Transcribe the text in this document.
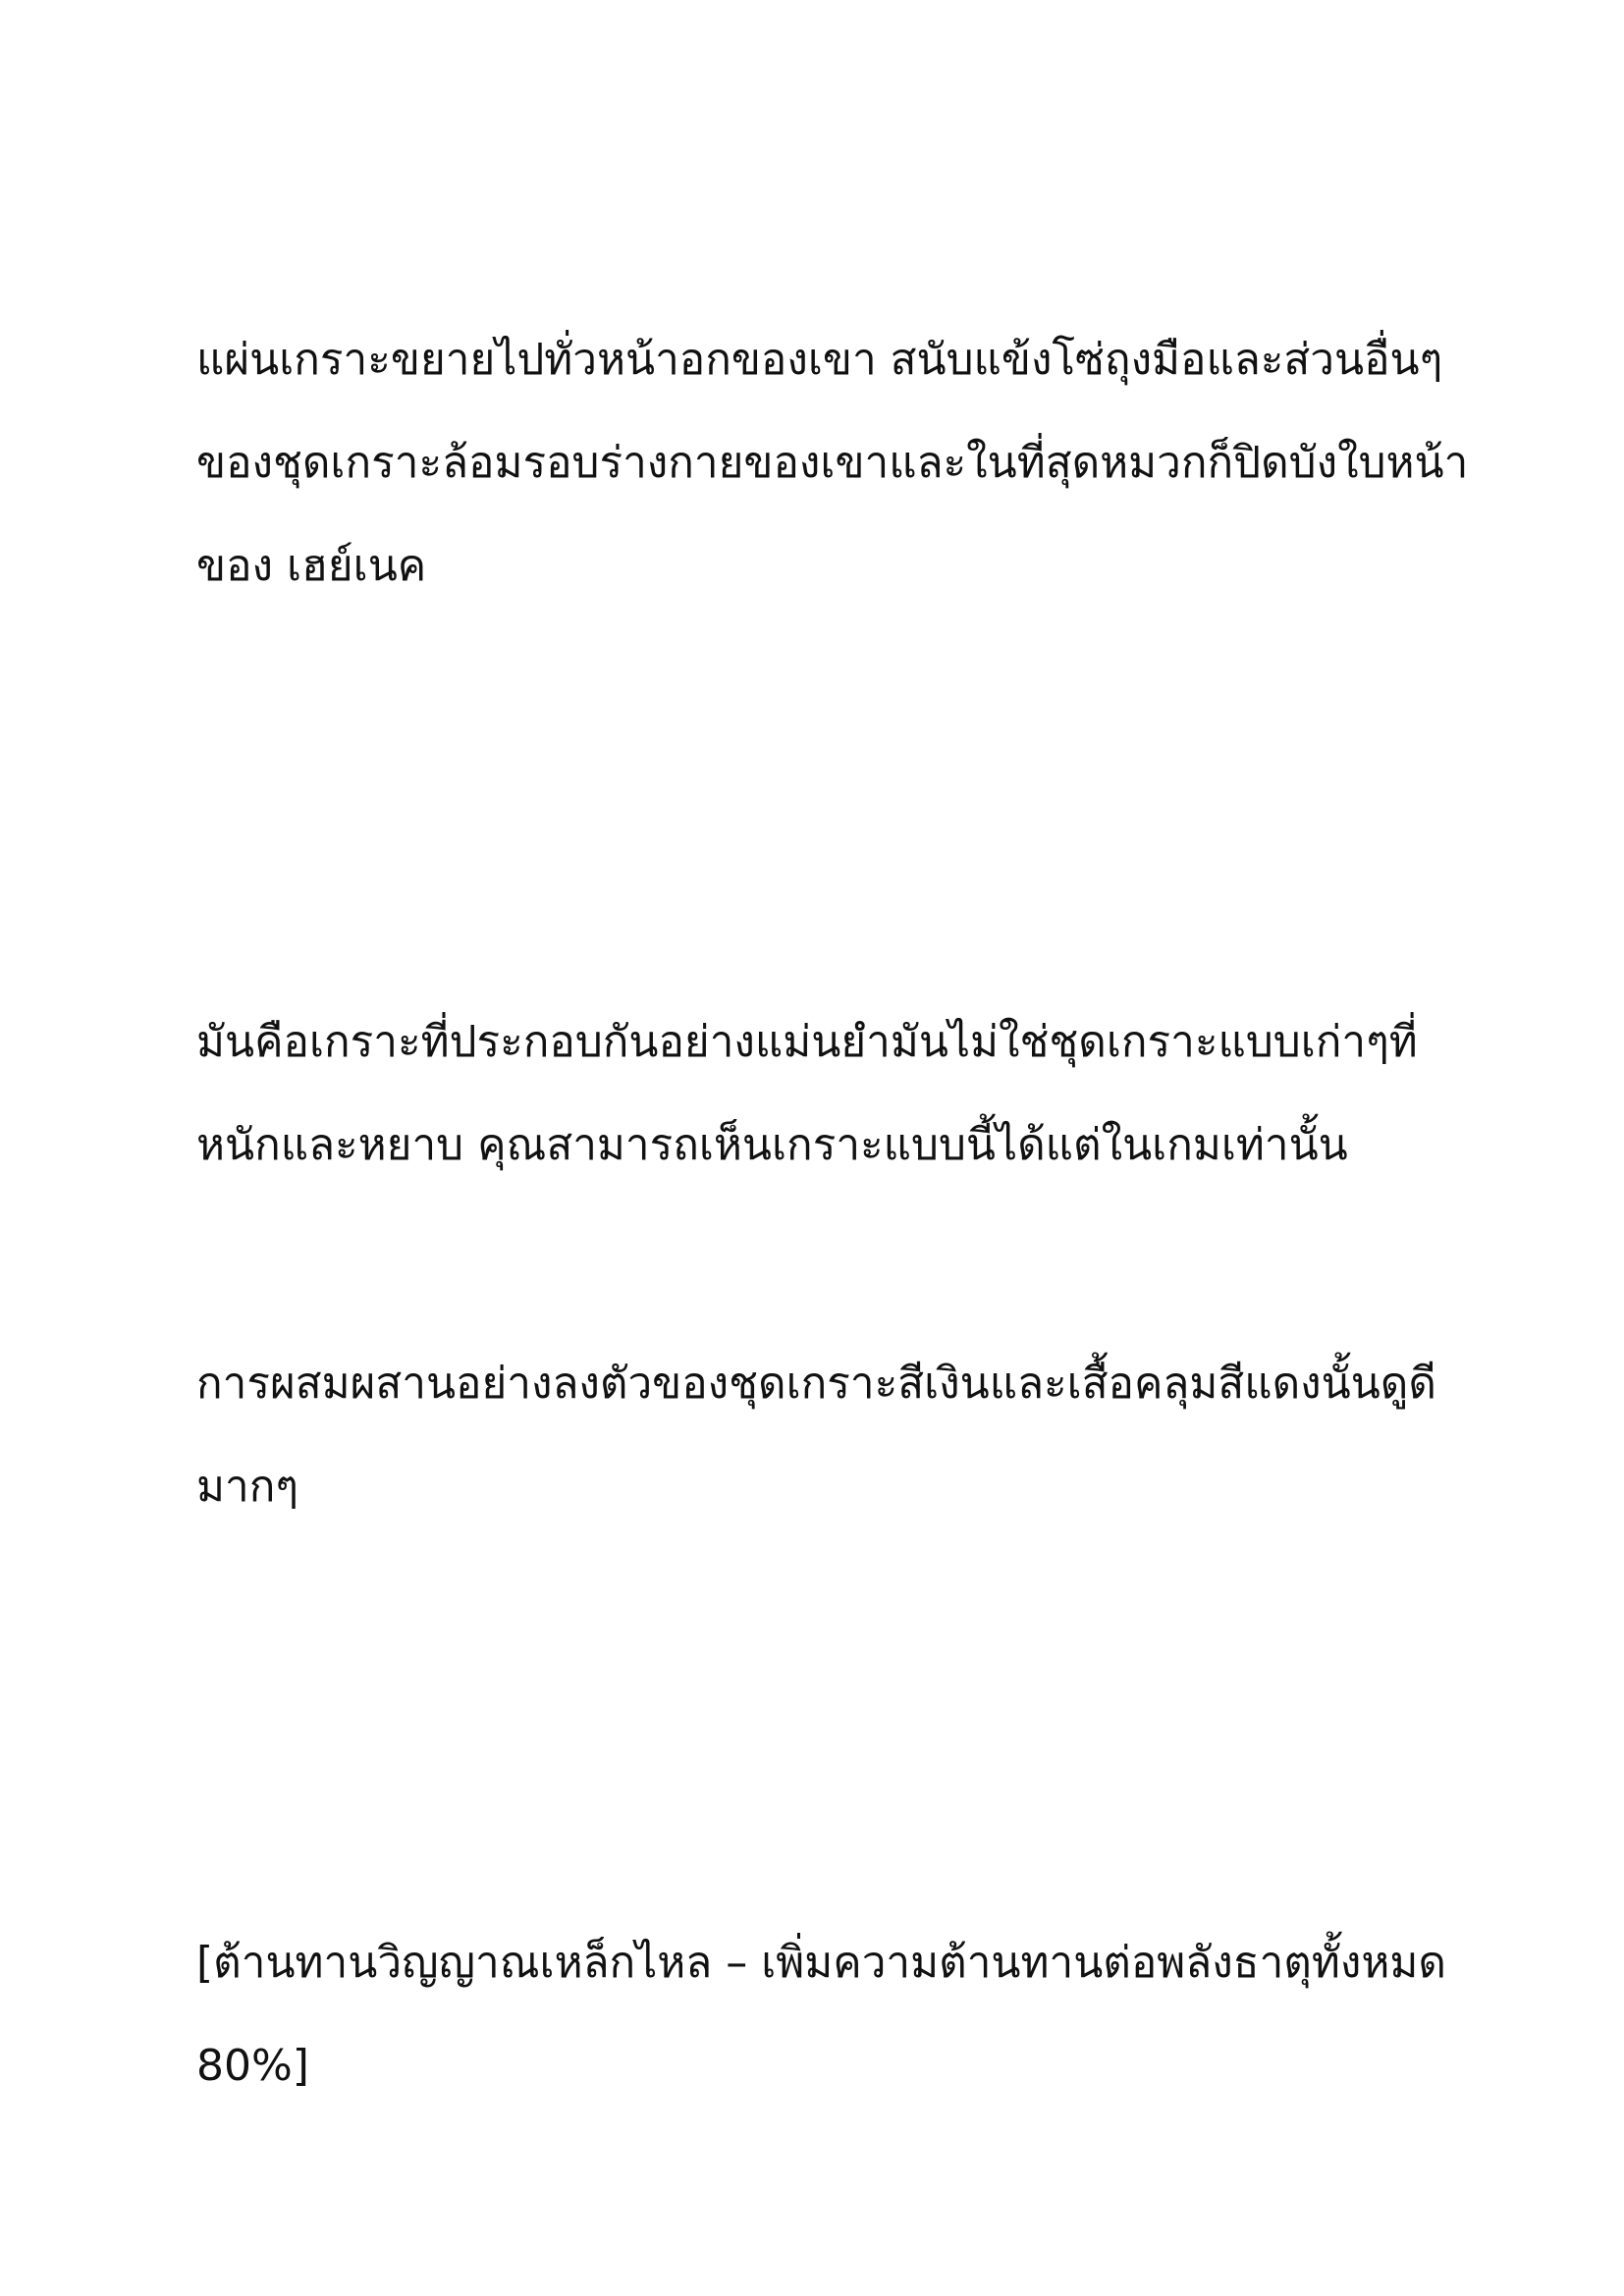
แผ่นเกราะขยายไปทั่วหน้าอกของเขา สนับแข้งโซ่ถุงมือและส่วนอื่นๆ

ของชุดเกราะล้อมรอบร่างกายของเขาและในที่สุดหมวกก็ปิดบังใบหน้า

ของ เฮย์เนค

มันคือเกราะที่ประกอบกันอย่างแม่นยำมันไม่ใช่ชุดเกราะแบบเก่าๆที่

หนักและหยาบ คุณสามารถเห็นเกราะแบบนี้ได้แต่ในเกมเท่านั้น

การผสมผสานอย่างลงตัวของชุดเกราะสีเงินและเสื้อคลุมสีแดงนั้นดูดี

มากๆ

[ต้านทานวิญญาณเหล็กไหล – เพิ่มความต้านทานต่อพลังธาตุทั้งหมด

80%]
